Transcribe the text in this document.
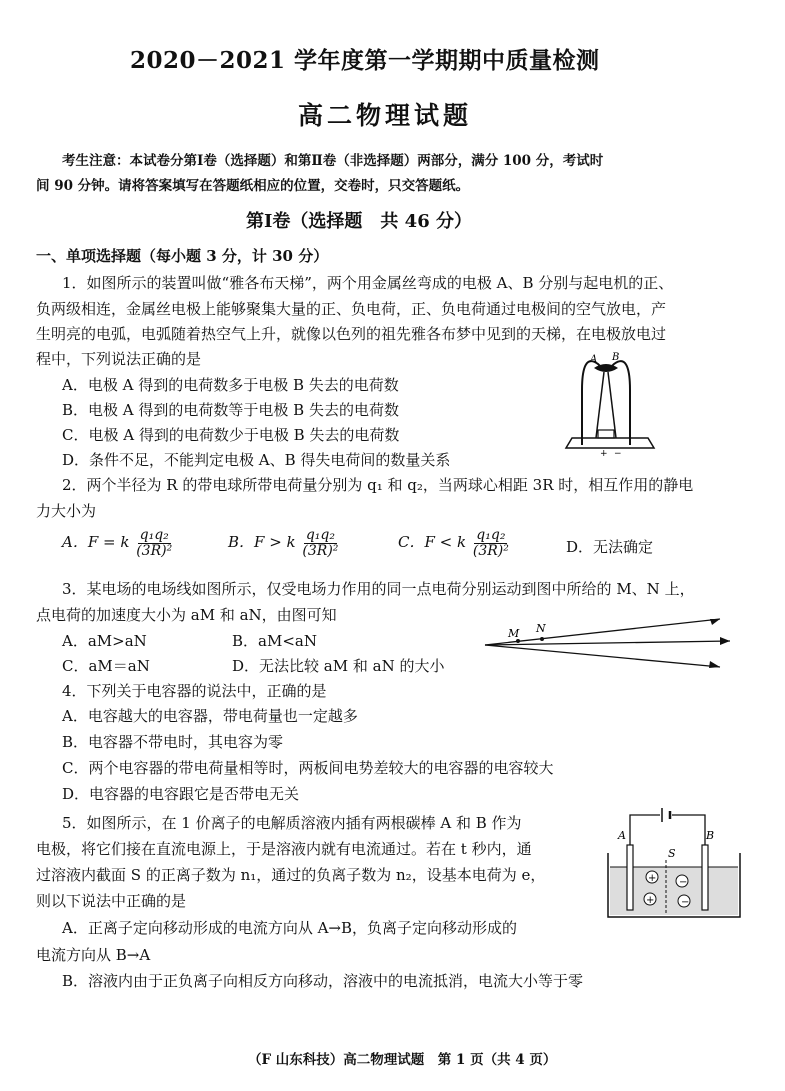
2020－2021 学年度第一学期期中质量检测
高二物理试题
考生注意：本试卷分第Ⅰ卷（选择题）和第Ⅱ卷（非选择题）两部分，满分 100 分，考试时
间 90 分钟。请将答案填写在答题纸相应的位置，交卷时，只交答题纸。
第Ⅰ卷（选择题　共 46 分）
一、单项选择题（每小题 3 分，计 30 分）
1．如图所示的装置叫做“雅各布天梯”，两个用金属丝弯成的电极 A、B 分别与起电机的正、
负两级相连，金属丝电极上能够聚集大量的正、负电荷，正、负电荷通过电极间的空气放电，产
生明亮的电弧，电弧随着热空气上升，就像以色列的祖先雅各布梦中见到的天梯，在电极放电过
程中，下列说法正确的是
A．电极 A 得到的电荷数多于电极 B 失去的电荷数
B．电极 A 得到的电荷数等于电极 B 失去的电荷数
C．电极 A 得到的电荷数少于电极 B 失去的电荷数
D．条件不足，不能判定电极 A、B 得失电荷间的数量关系
A B
+ −
2．两个半径为 R 的带电球所带电荷量分别为 q₁ 和 q₂，当两球心相距 3R 时，相互作用的静电
力大小为
A．F = k $\frac{\text{q₁q₂}}{\text{(3R)²}}$	B．F > k $\frac{\text{q₁q₂}}{\text{(3R)²}}$	C．F < k $\frac{\text{q₁q₂}}{\text{(3R)²}}$	D．无法确定
3．某电场的电场线如图所示，仅受电场力作用的同一点电荷分别运动到图中所给的 M、N 上，
点电荷的加速度大小为 aM 和 aN，由图可知
A．aM>aN	B．aM<aN
C．aM＝aN	D．无法比较 aM 和 aN 的大小
M N
4．下列关于电容器的说法中，正确的是
A．电容越大的电容器，带电荷量也一定越多
B．电容器不带电时，其电容为零
C．两个电容器的带电荷量相等时，两板间电势差较大的电容器的电容较大
D．电容器的电容跟它是否带电无关
5．如图所示，在 1 价离子的电解质溶液内插有两根碳棒 A 和 B 作为
电极，将它们接在直流电源上，于是溶液内就有电流通过。若在 t 秒内，通
过溶液内截面 S 的正离子数为 n₁，通过的负离子数为 n₂，设基本电荷为 e，
则以下说法中正确的是
A．正离子定向移动形成的电流方向从 A→B，负离子定向移动形成的
电流方向从 B→A
B．溶液内由于正负离子向相反方向移动，溶液中的电流抵消，电流大小等于零
+ −
+	−
A	B
S
（F 山东科技）高二物理试题　第 1 页（共 4 页）
